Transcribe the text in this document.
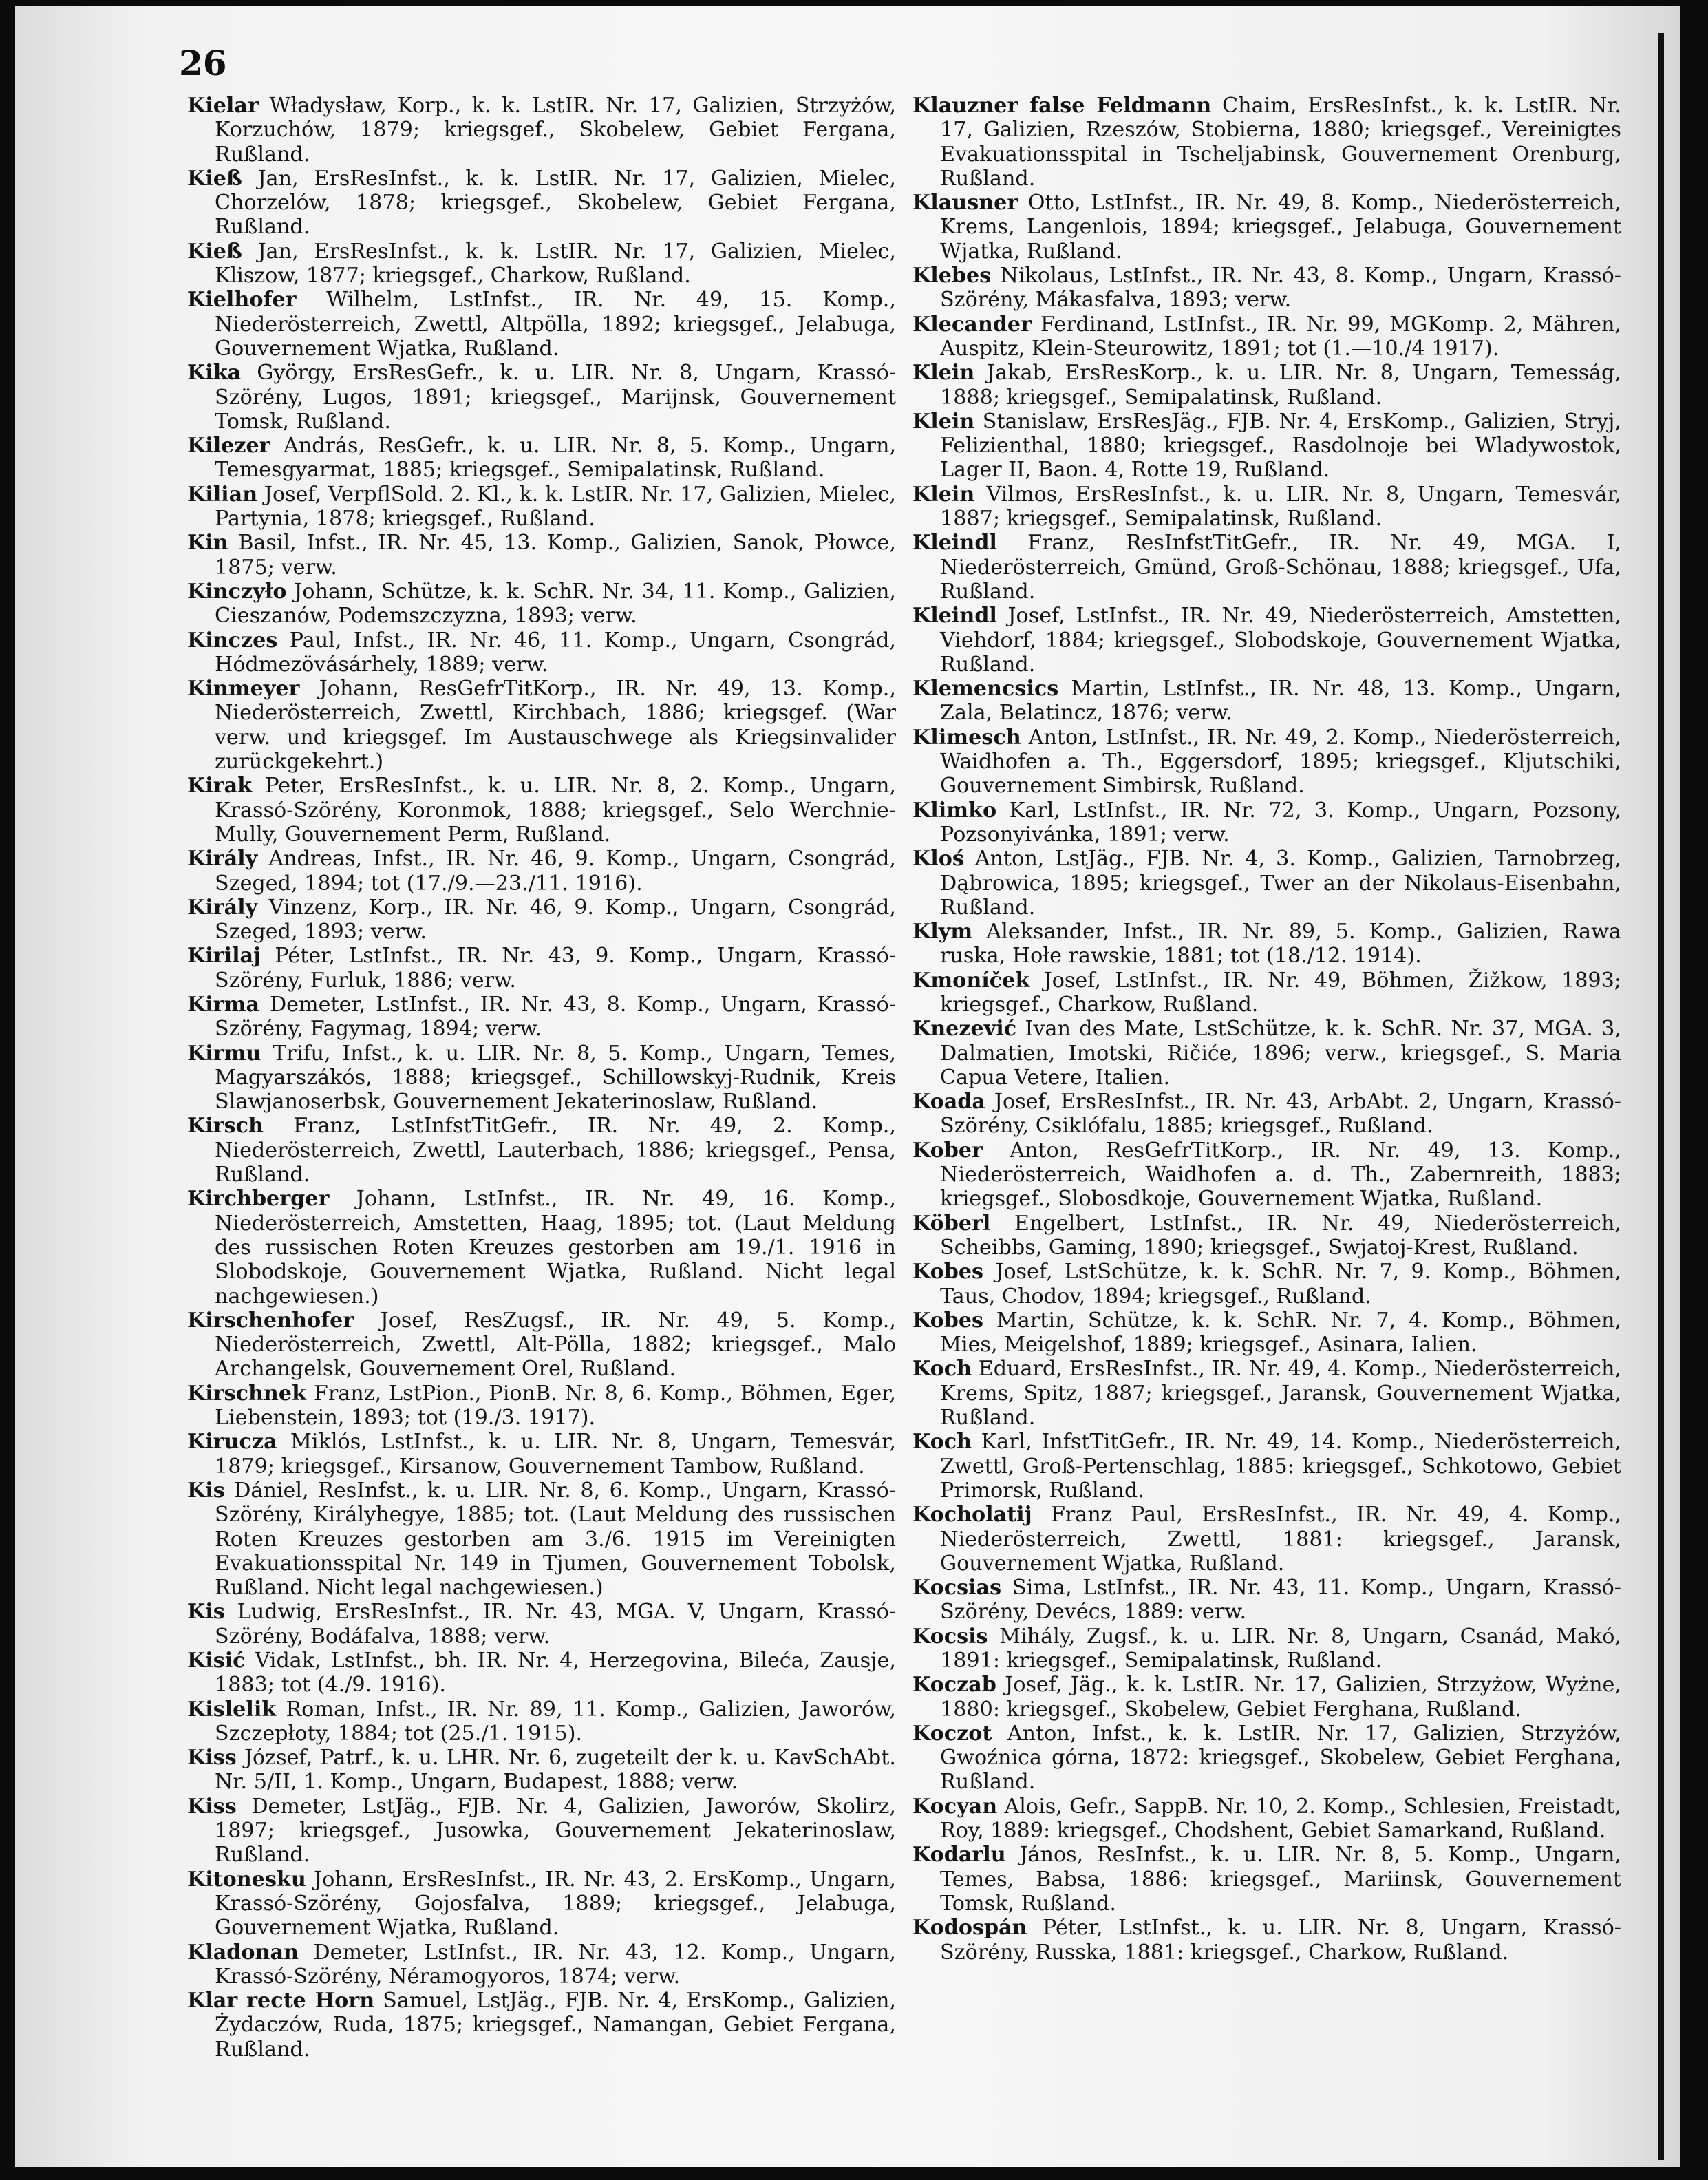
26

Kielar Władysław, Korp., k. k. LstIR. Nr. 17, Galizien, Strzyżów, Korzuchów, 1879; kriegsgef., Skobelew, Gebiet Fergana, Rußland.

Kieß Jan, ErsResInfst., k. k. LstIR. Nr. 17, Galizien, Mielec, Chorzelów, 1878; kriegsgef., Skobelew, Gebiet Fergana, Rußland.

Kieß Jan, ErsResInfst., k. k. LstIR. Nr. 17, Galizien, Mielec, Kliszow, 1877; kriegsgef., Charkow, Rußland.

Kielhofer Wilhelm, LstInfst., IR. Nr. 49, 15. Komp., Niederösterreich, Zwettl, Altpölla, 1892; kriegsgef., Jelabuga, Gouvernement Wjatka, Rußland.

Kika György, ErsResGefr., k. u. LIR. Nr. 8, Ungarn, Krassó-Szörény, Lugos, 1891; kriegsgef., Marijnsk, Gouvernement Tomsk, Rußland.

Kilezer András, ResGefr., k. u. LIR. Nr. 8, 5. Komp., Ungarn, Temesgyarmat, 1885; kriegsgef., Semipalatinsk, Rußland.

Kilian Josef, VerpflSold. 2. Kl., k. k. LstIR. Nr. 17, Galizien, Mielec, Partynia, 1878; kriegsgef., Rußland.

Kin Basil, Infst., IR. Nr. 45, 13. Komp., Galizien, Sanok, Płowce, 1875; verw.

Kinczyło Johann, Schütze, k. k. SchR. Nr. 34, 11. Komp., Galizien, Cieszanów, Podemszczyzna, 1893; verw.

Kinczes Paul, Infst., IR. Nr. 46, 11. Komp., Ungarn, Csongrád, Hódmezövásárhely, 1889; verw.

Kinmeyer Johann, ResGefrTitKorp., IR. Nr. 49, 13. Komp., Niederösterreich, Zwettl, Kirchbach, 1886; kriegsgef. (War verw. und kriegsgef. Im Austauschwege als Kriegsinvalider zurückgekehrt.)

Kirak Peter, ErsResInfst., k. u. LIR. Nr. 8, 2. Komp., Ungarn, Krassó-Szörény, Koronmok, 1888; kriegsgef., Selo Werchnie-Mully, Gouvernement Perm, Rußland.

Király Andreas, Infst., IR. Nr. 46, 9. Komp., Ungarn, Csongrád, Szeged, 1894; tot (17./9.—23./11. 1916).

Király Vinzenz, Korp., IR. Nr. 46, 9. Komp., Ungarn, Csongrád, Szeged, 1893; verw.

Kirilaj Péter, LstInfst., IR. Nr. 43, 9. Komp., Ungarn, Krassó-Szörény, Furluk, 1886; verw.

Kirma Demeter, LstInfst., IR. Nr. 43, 8. Komp., Ungarn, Krassó-Szörény, Fagymag, 1894; verw.

Kirmu Trifu, Infst., k. u. LIR. Nr. 8, 5. Komp., Ungarn, Temes, Magyarszákós, 1888; kriegsgef., Schillowskyj-Rudnik, Kreis Slawjanoserbsk, Gouvernement Jekaterinoslaw, Rußland.

Kirsch Franz, LstInfstTitGefr., IR. Nr. 49, 2. Komp., Niederösterreich, Zwettl, Lauterbach, 1886; kriegsgef., Pensa, Rußland.

Kirchberger Johann, LstInfst., IR. Nr. 49, 16. Komp., Niederösterreich, Amstetten, Haag, 1895; tot. (Laut Meldung des russischen Roten Kreuzes gestorben am 19./1. 1916 in Slobodskoje, Gouvernement Wjatka, Rußland. Nicht legal nachgewiesen.)

Kirschenhofer Josef, ResZugsf., IR. Nr. 49, 5. Komp., Niederösterreich, Zwettl, Alt-Pölla, 1882; kriegsgef., Malo Archangelsk, Gouvernement Orel, Rußland.

Kirschnek Franz, LstPion., PionB. Nr. 8, 6. Komp., Böhmen, Eger, Liebenstein, 1893; tot (19./3. 1917).

Kirucza Miklós, LstInfst., k. u. LIR. Nr. 8, Ungarn, Temesvár, 1879; kriegsgef., Kirsanow, Gouvernement Tambow, Rußland.

Kis Dániel, ResInfst., k. u. LIR. Nr. 8, 6. Komp., Ungarn, Krassó-Szörény, Királyhegye, 1885; tot. (Laut Meldung des russischen Roten Kreuzes gestorben am 3./6. 1915 im Vereinigten Evakuationsspital Nr. 149 in Tjumen, Gouvernement Tobolsk, Rußland. Nicht legal nachgewiesen.)

Kis Ludwig, ErsResInfst., IR. Nr. 43, MGA. V, Ungarn, Krassó-Szörény, Bodáfalva, 1888; verw.

Kisić Vidak, LstInfst., bh. IR. Nr. 4, Herzegovina, Bileća, Zausje, 1883; tot (4./9. 1916).

Kislelik Roman, Infst., IR. Nr. 89, 11. Komp., Galizien, Jaworów, Szczepłoty, 1884; tot (25./1. 1915).

Kiss József, Patrf., k. u. LHR. Nr. 6, zugeteilt der k. u. KavSchAbt. Nr. 5/II, 1. Komp., Ungarn, Budapest, 1888; verw.

Kiss Demeter, LstJäg., FJB. Nr. 4, Galizien, Jaworów, Skolirz, 1897; kriegsgef., Jusowka, Gouvernement Jekaterinoslaw, Rußland.

Kitonesku Johann, ErsResInfst., IR. Nr. 43, 2. ErsKomp., Ungarn, Krassó-Szörény, Gojosfalva, 1889; kriegsgef., Jelabuga, Gouvernement Wjatka, Rußland.

Kladonan Demeter, LstInfst., IR. Nr. 43, 12. Komp., Ungarn, Krassó-Szörény, Néramogyoros, 1874; verw.

Klar recte Horn Samuel, LstJäg., FJB. Nr. 4, ErsKomp., Galizien, Żydaczów, Ruda, 1875; kriegsgef., Namangan, Gebiet Fergana, Rußland.

Klauzner false Feldmann Chaim, ErsResInfst., k. k. LstIR. Nr. 17, Galizien, Rzeszów, Stobierna, 1880; kriegsgef., Vereinigtes Evakuationsspital in Tscheljabinsk, Gouvernement Orenburg, Rußland.

Klausner Otto, LstInfst., IR. Nr. 49, 8. Komp., Niederösterreich, Krems, Langenlois, 1894; kriegsgef., Jelabuga, Gouvernement Wjatka, Rußland.

Klebes Nikolaus, LstInfst., IR. Nr. 43, 8. Komp., Ungarn, Krassó-Szörény, Mákasfalva, 1893; verw.

Klecander Ferdinand, LstInfst., IR. Nr. 99, MGKomp. 2, Mähren, Auspitz, Klein-Steurowitz, 1891; tot (1.—10./4 1917).

Klein Jakab, ErsResKorp., k. u. LIR. Nr. 8, Ungarn, Temesság, 1888; kriegsgef., Semipalatinsk, Rußland.

Klein Stanislaw, ErsResJäg., FJB. Nr. 4, ErsKomp., Galizien, Stryj, Felizienthal, 1880; kriegsgef., Rasdolnoje bei Wladywostok, Lager II, Baon. 4, Rotte 19, Rußland.

Klein Vilmos, ErsResInfst., k. u. LIR. Nr. 8, Ungarn, Temesvár, 1887; kriegsgef., Semipalatinsk, Rußland.

Kleindl Franz, ResInfstTitGefr., IR. Nr. 49, MGA. I, Niederösterreich, Gmünd, Groß-Schönau, 1888; kriegsgef., Ufa, Rußland.

Kleindl Josef, LstInfst., IR. Nr. 49, Niederösterreich, Amstetten, Viehdorf, 1884; kriegsgef., Slobodskoje, Gouvernement Wjatka, Rußland.

Klemencsics Martin, LstInfst., IR. Nr. 48, 13. Komp., Ungarn, Zala, Belatincz, 1876; verw.

Klimesch Anton, LstInfst., IR. Nr. 49, 2. Komp., Niederösterreich, Waidhofen a. Th., Eggersdorf, 1895; kriegsgef., Kljutschiki, Gouvernement Simbirsk, Rußland.

Klimko Karl, LstInfst., IR. Nr. 72, 3. Komp., Ungarn, Pozsony, Pozsonyivánka, 1891; verw.

Kloś Anton, LstJäg., FJB. Nr. 4, 3. Komp., Galizien, Tarnobrzeg, Dąbrowica, 1895; kriegsgef., Twer an der Nikolaus-Eisenbahn, Rußland.

Klym Aleksander, Infst., IR. Nr. 89, 5. Komp., Galizien, Rawa ruska, Hołe rawskie, 1881; tot (18./12. 1914).

Kmoníček Josef, LstInfst., IR. Nr. 49, Böhmen, Žižkow, 1893; kriegsgef., Charkow, Rußland.

Knezević Ivan des Mate, LstSchütze, k. k. SchR. Nr. 37, MGA. 3, Dalmatien, Imotski, Ričiće, 1896; verw., kriegsgef., S. Maria Capua Vetere, Italien.

Koada Josef, ErsResInfst., IR. Nr. 43, ArbAbt. 2, Ungarn, Krassó-Szörény, Csiklófalu, 1885; kriegsgef., Rußland.

Kober Anton, ResGefrTitKorp., IR. Nr. 49, 13. Komp., Niederösterreich, Waidhofen a. d. Th., Zabernreith, 1883; kriegsgef., Slobosdkoje, Gouvernement Wjatka, Rußland.

Köberl Engelbert, LstInfst., IR. Nr. 49, Niederösterreich, Scheibbs, Gaming, 1890; kriegsgef., Swjatoj-Krest, Rußland.

Kobes Josef, LstSchütze, k. k. SchR. Nr. 7, 9. Komp., Böhmen, Taus, Chodov, 1894; kriegsgef., Rußland.

Kobes Martin, Schütze, k. k. SchR. Nr. 7, 4. Komp., Böhmen, Mies, Meigelshof, 1889; kriegsgef., Asinara, Ialien.

Koch Eduard, ErsResInfst., IR. Nr. 49, 4. Komp., Niederösterreich, Krems, Spitz, 1887; kriegsgef., Jaransk, Gouvernement Wjatka, Rußland.

Koch Karl, InfstTitGefr., IR. Nr. 49, 14. Komp., Niederösterreich, Zwettl, Groß-Pertenschlag, 1885: kriegsgef., Schkotowo, Gebiet Primorsk, Rußland.

Kocholatij Franz Paul, ErsResInfst., IR. Nr. 49, 4. Komp., Niederösterreich, Zwettl, 1881: kriegsgef., Jaransk, Gouvernement Wjatka, Rußland.

Kocsias Sima, LstInfst., IR. Nr. 43, 11. Komp., Ungarn, Krassó-Szörény, Devécs, 1889: verw.

Kocsis Mihály, Zugsf., k. u. LIR. Nr. 8, Ungarn, Csanád, Makó, 1891: kriegsgef., Semipalatinsk, Rußland.

Koczab Josef, Jäg., k. k. LstIR. Nr. 17, Galizien, Strzyżow, Wyżne, 1880: kriegsgef., Skobelew, Gebiet Ferghana, Rußland.

Koczot Anton, Infst., k. k. LstIR. Nr. 17, Galizien, Strzyżów, Gwoźnica górna, 1872: kriegsgef., Skobelew, Gebiet Ferghana, Rußland.

Kocyan Alois, Gefr., SappB. Nr. 10, 2. Komp., Schlesien, Freistadt, Roy, 1889: kriegsgef., Chodshent, Gebiet Samarkand, Rußland.

Kodarlu János, ResInfst., k. u. LIR. Nr. 8, 5. Komp., Ungarn, Temes, Babsa, 1886: kriegsgef., Mariinsk, Gouvernement Tomsk, Rußland.

Kodospán Péter, LstInfst., k. u. LIR. Nr. 8, Ungarn, Krassó-Szörény, Russka, 1881: kriegsgef., Charkow, Rußland.
